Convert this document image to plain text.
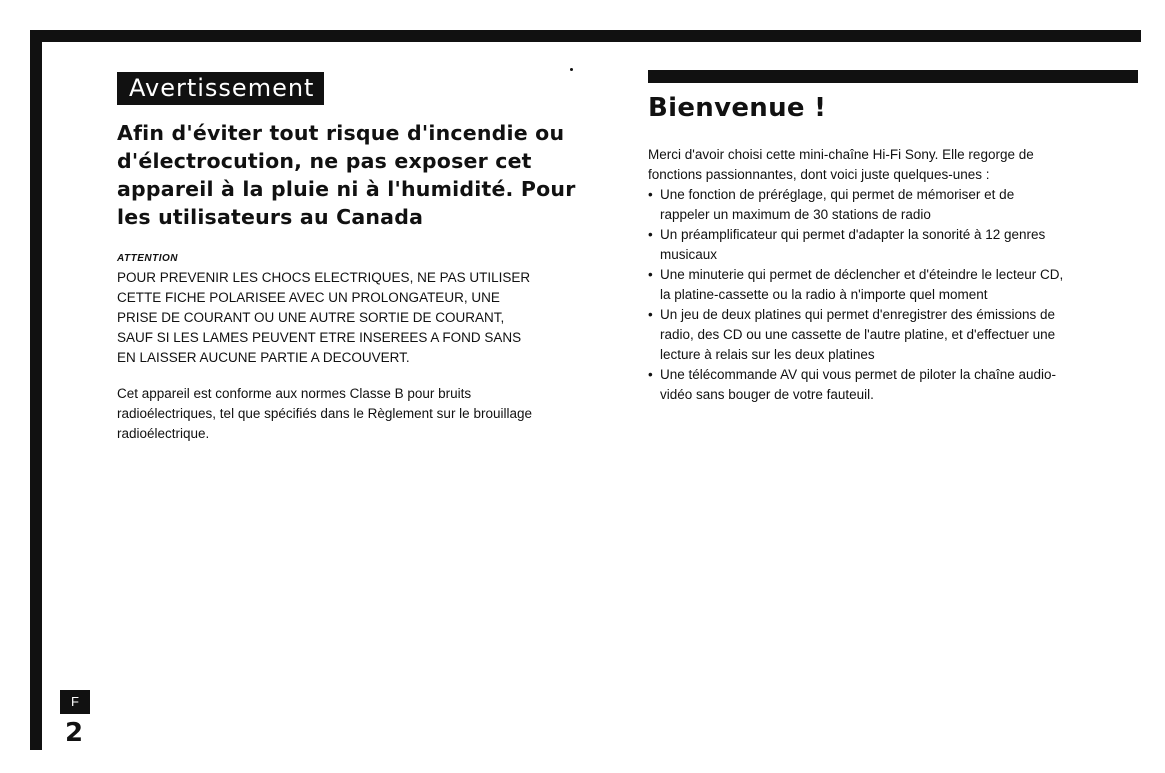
Avertissement
Afin d'éviter tout risque d'incendie ou
d'électrocution, ne pas exposer cet
appareil à la pluie ni à l'humidité. Pour
les utilisateurs au Canada

ATTENTION

POUR PREVENIR LES CHOCS ELECTRIQUES, NE PAS UTILISER
CETTE FICHE POLARISEE AVEC UN PROLONGATEUR, UNE
PRISE DE COURANT OU UNE AUTRE SORTIE DE COURANT,
SAUF SI LES LAMES PEUVENT ETRE INSEREES A FOND SANS
EN LAISSER AUCUNE PARTIE A DECOUVERT.

Cet appareil est conforme aux normes Classe B pour bruits
radioélectriques, tel que spécifiés dans le Règlement sur le brouillage
radioélectrique.

Bienvenue !

Merci d'avoir choisi cette mini-chaîne Hi-Fi Sony. Elle regorge de
fonctions passionnantes, dont voici juste quelques-unes :

• Une fonction de préréglage, qui permet de mémoriser et de
rappeler un maximum de 30 stations de radio
• Un préamplificateur qui permet d'adapter la sonorité à 12 genres
musicaux
• Une minuterie qui permet de déclencher et d'éteindre le lecteur CD,
la platine-cassette ou la radio à n'importe quel moment
• Un jeu de deux platines qui permet d'enregistrer des émissions de
radio, des CD ou une cassette de l'autre platine, et d'effectuer une
lecture à relais sur les deux platines
• Une télécommande AV qui vous permet de piloter la chaîne audio-
vidéo sans bouger de votre fauteuil.
F
2
